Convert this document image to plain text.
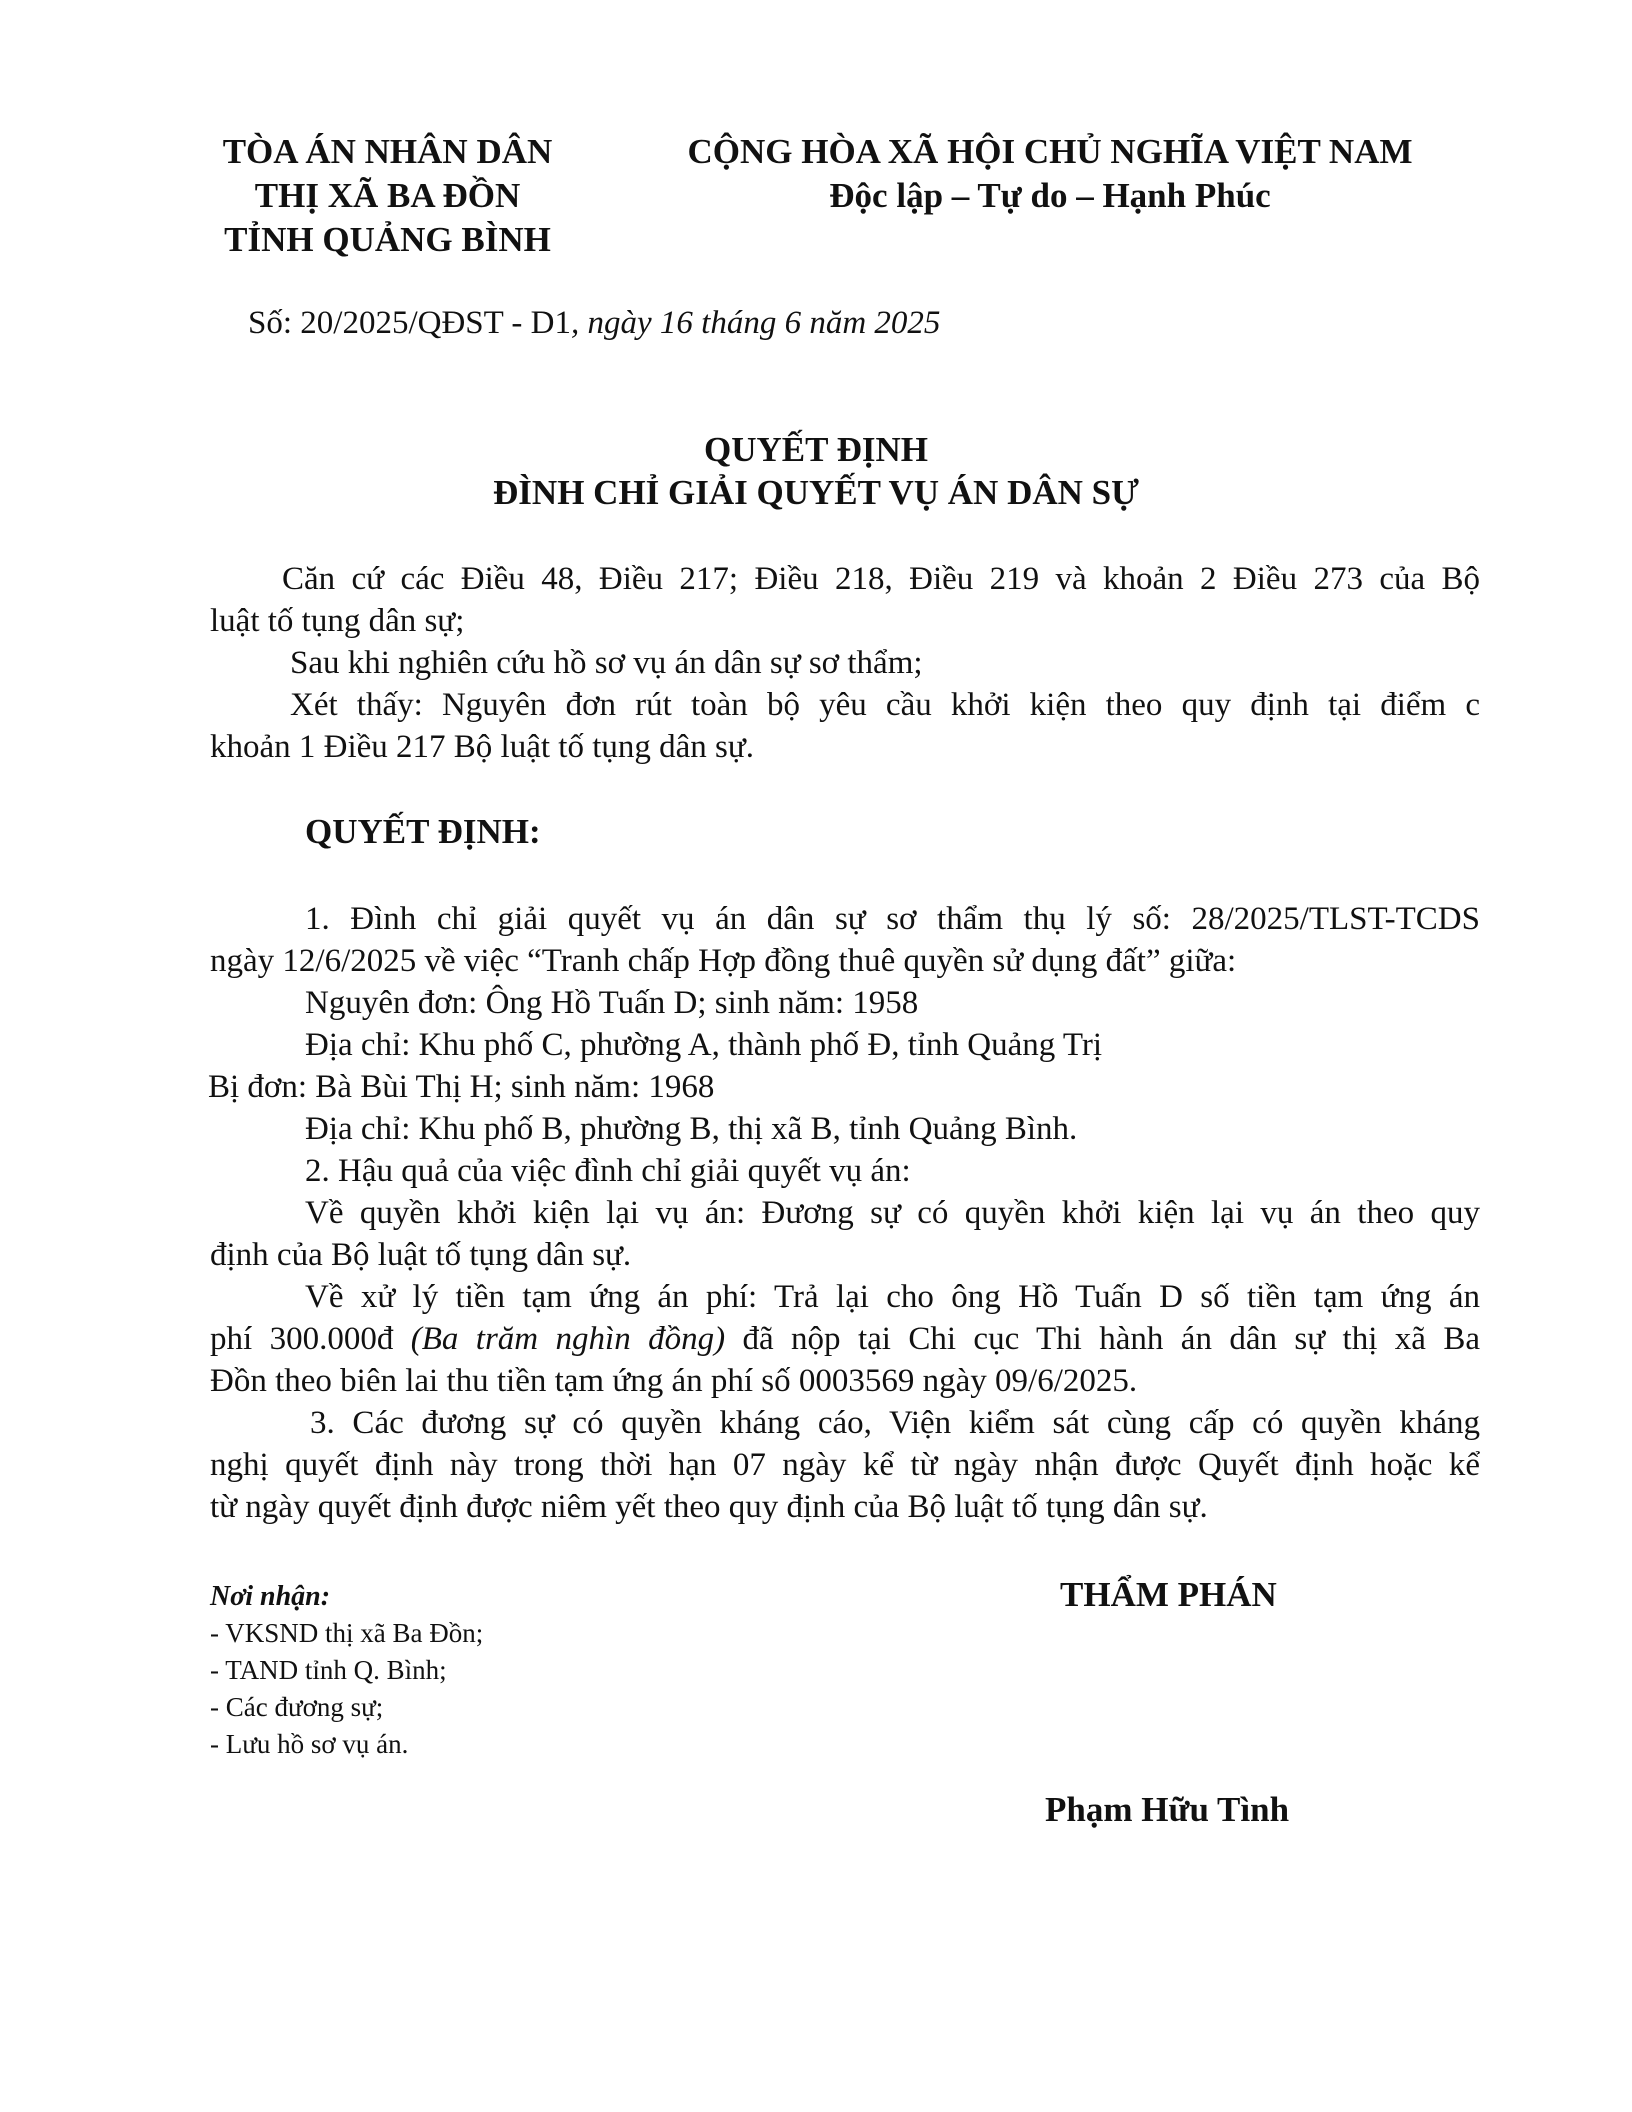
TÒA ÁN NHÂN DÂN
THỊ XÃ BA ĐỒN
TỈNH QUẢNG BÌNH
CỘNG HÒA XÃ HỘI CHỦ NGHĨA VIỆT NAM
Độc lập – Tự do – Hạnh Phúc
Số: 20/2025/QĐST - D1, ngày 16 tháng 6 năm 2025
QUYẾT ĐỊNH
ĐÌNH CHỈ GIẢI QUYẾT VỤ ÁN DÂN SỰ

Căn cứ các Điều 48, Điều 217; Điều 218, Điều 219 và khoản 2 Điều 273 của Bộ

luật tố tụng dân sự;

Sau khi nghiên cứu hồ sơ vụ án dân sự sơ thẩm;

Xét thấy: Nguyên đơn rút toàn bộ yêu cầu khởi kiện theo quy định tại điểm c

khoản 1 Điều 217 Bộ luật tố tụng dân sự.

QUYẾT ĐỊNH:

1. Đình chỉ giải quyết vụ án dân sự sơ thẩm thụ lý số: 28/2025/TLST-TCDS

ngày 12/6/2025 về việc “Tranh chấp Hợp đồng thuê quyền sử dụng đất” giữa:

Nguyên đơn: Ông Hồ Tuấn D; sinh năm: 1958

Địa chỉ: Khu phố C, phường A, thành phố Đ, tỉnh Quảng Trị

Bị đơn: Bà Bùi Thị H; sinh năm: 1968

Địa chỉ: Khu phố B, phường B, thị xã B, tỉnh Quảng Bình.

2. Hậu quả của việc đình chỉ giải quyết vụ án:

Về quyền khởi kiện lại vụ án: Đương sự có quyền khởi kiện lại vụ án theo quy

định của Bộ luật tố tụng dân sự.

Về xử lý tiền tạm ứng án phí: Trả lại cho ông Hồ Tuấn D số tiền tạm ứng án

phí 300.000đ (Ba trăm nghìn đồng) đã nộp tại Chi cục Thi hành án dân sự thị xã Ba

Đồn theo biên lai thu tiền tạm ứng án phí số 0003569 ngày 09/6/2025.

3. Các đương sự có quyền kháng cáo, Viện kiểm sát cùng cấp có quyền kháng

nghị quyết định này trong thời hạn 07 ngày kể từ ngày nhận được Quyết định hoặc kể

từ ngày quyết định được niêm yết theo quy định của Bộ luật tố tụng dân sự.

Nơi nhận:
- VKSND thị xã Ba Đồn;
- TAND tỉnh Q. Bình;
- Các đương sự;
- Lưu hồ sơ vụ án.
THẨM PHÁN
Phạm Hữu Tình
